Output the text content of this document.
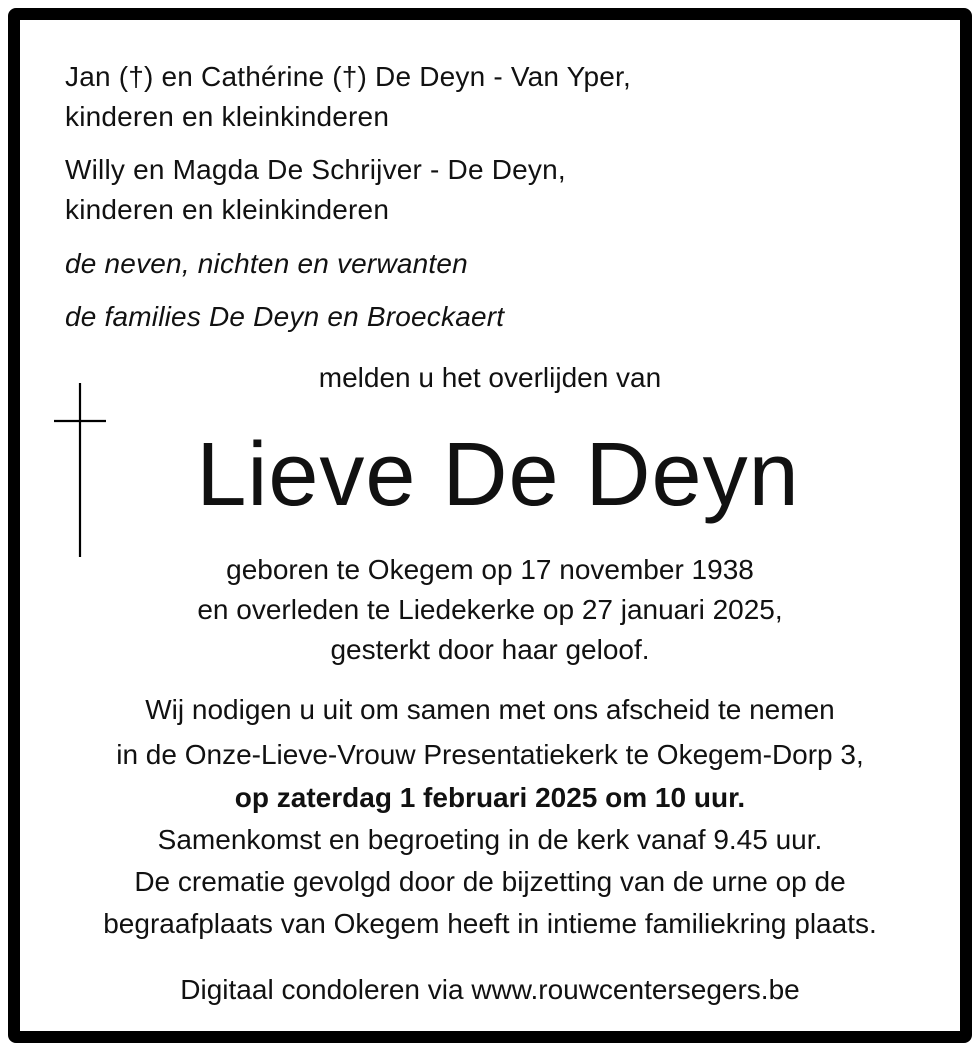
Jan (†) en Cathérine (†) De Deyn - Van Yper,
kinderen en kleinkinderen
Willy en Magda De Schrijver - De Deyn,
kinderen en kleinkinderen
de neven, nichten en verwanten
de families De Deyn en Broeckaert
melden u het overlijden van
Lieve De Deyn
geboren te Okegem op 17 november 1938
en overleden te Liedekerke op 27 januari 2025,
gesterkt door haar geloof.
Wij nodigen u uit om samen met ons afscheid te nemen
in de Onze-Lieve-Vrouw Presentatiekerk te Okegem-Dorp 3,
op zaterdag 1 februari 2025 om 10 uur.
Samenkomst en begroeting in de kerk vanaf 9.45 uur.
De crematie gevolgd door de bijzetting van de urne op de
begraafplaats van Okegem heeft in intieme familiekring plaats.
Digitaal condoleren via www.rouwcentersegers.be
